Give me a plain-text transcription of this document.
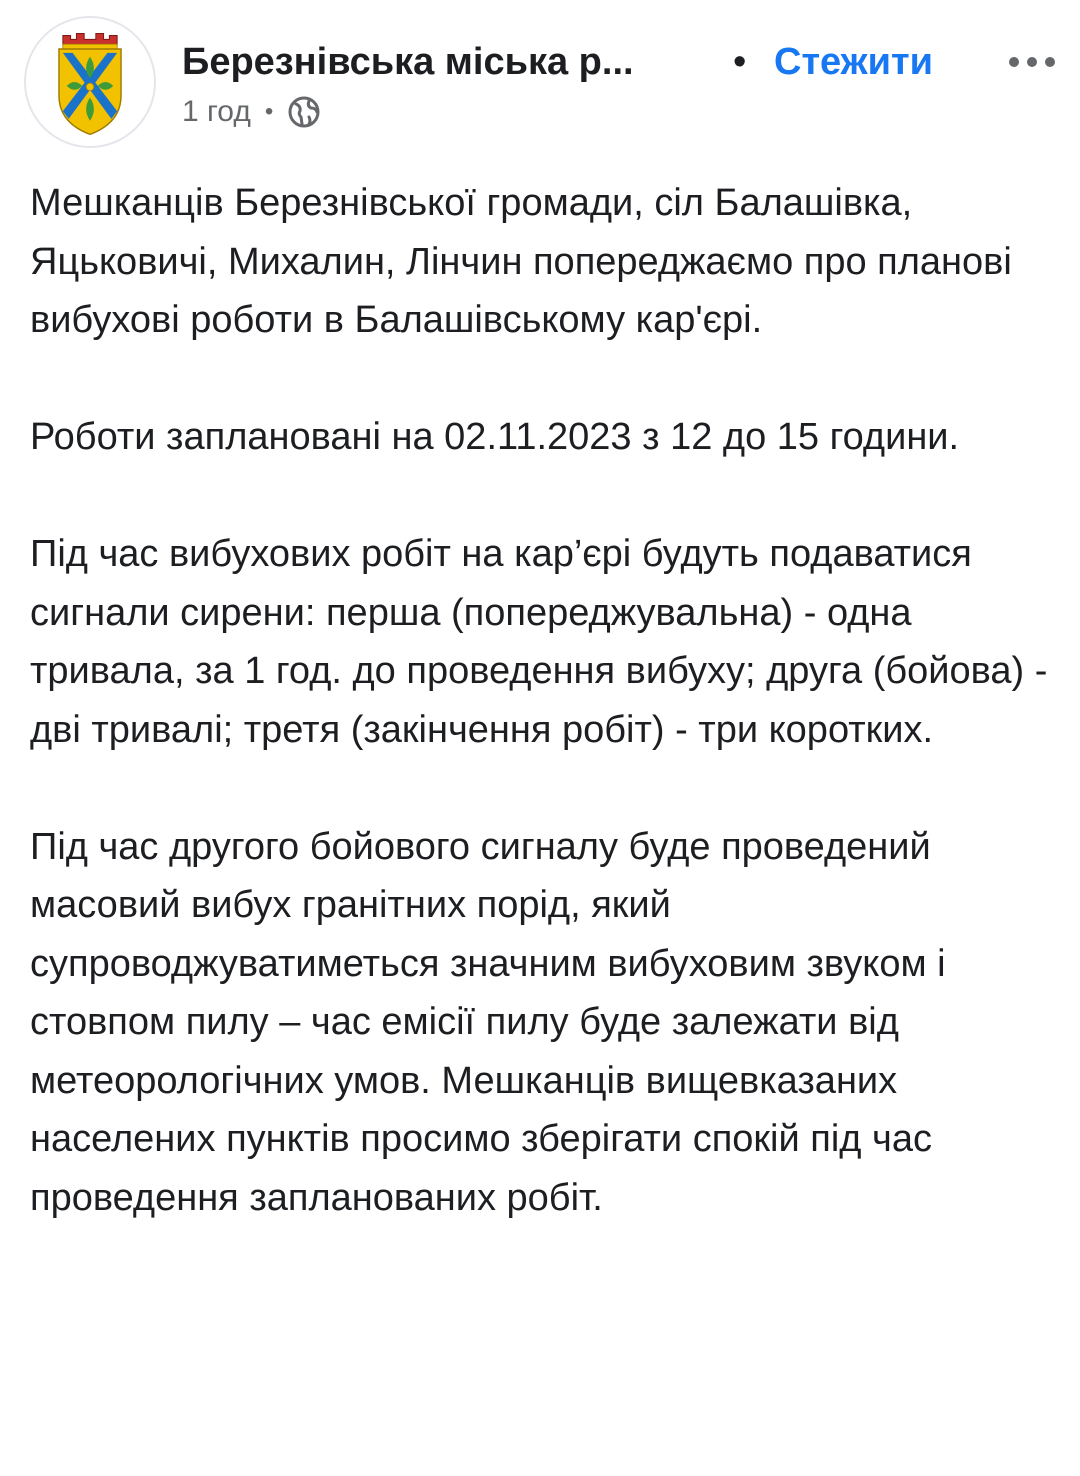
Березнівська міська р...	• Стежити
1 год •

Мешканців Березнівської громади, сіл Балашівка, Яцьковичі, Михалин, Лінчин попереджаємо про планові вибухові роботи в Балашівському кар'єрі.

Роботи заплановані на 02.11.2023 з 12 до 15 години.

Під час вибухових робіт на кар’єрі будуть подаватися сигнали сирени: перша (попереджувальна) - одна тривала, за 1 год. до проведення вибуху; друга (бойова) - дві тривалі; третя (закінчення робіт) - три коротких.

Під час другого бойового сигналу буде проведений масовий вибух гранітних порід, який супроводжуватиметься значним вибуховим звуком і стовпом пилу – час емісії пилу буде залежати від метеорологічних умов. Мешканців вищевказаних населених пунктів просимо зберігати спокій під час проведення запланованих робіт.
